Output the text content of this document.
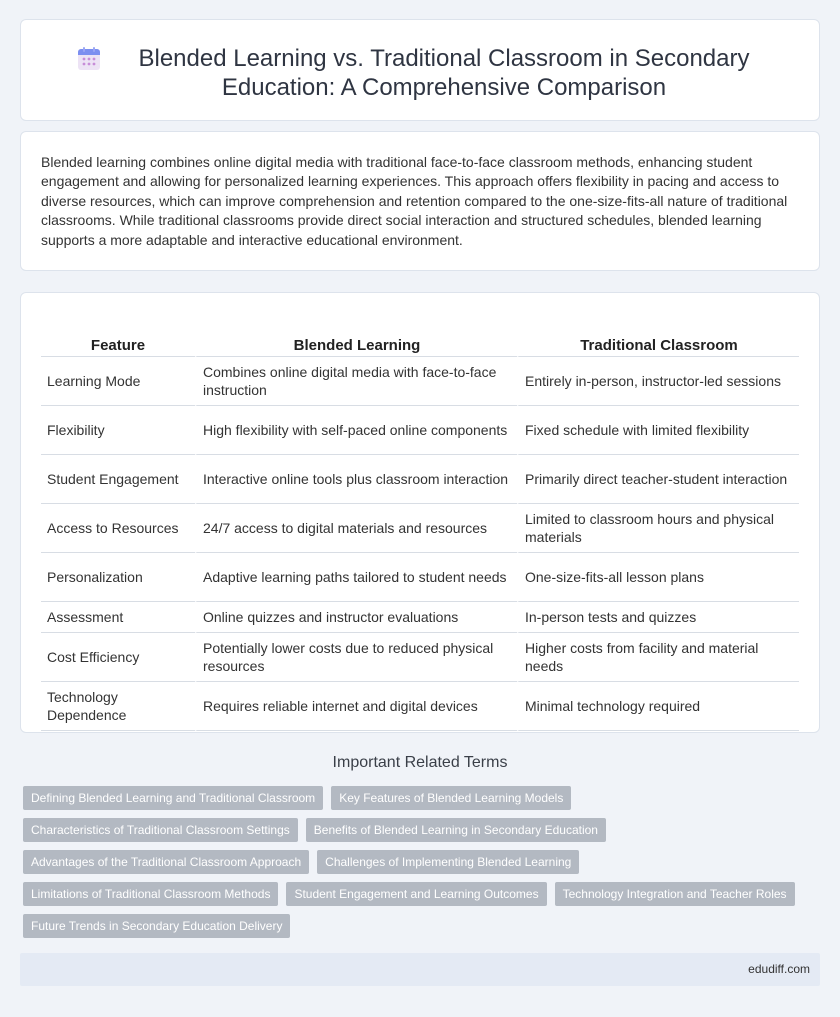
Blended Learning vs. Traditional Classroom in Secondary Education: A Comprehensive Comparison

Blended learning combines online digital media with traditional face-to-face classroom methods, enhancing student engagement and allowing for personalized learning experiences. This approach offers flexibility in pacing and access to diverse resources, which can improve comprehension and retention compared to the one-size-fits-all nature of traditional classrooms. While traditional classrooms provide direct social interaction and structured schedules, blended learning supports a more adaptable and interactive educational environment.

Feature	Blended Learning	Traditional Classroom
Learning Mode	Combines online digital media with face-to-face instruction	Entirely in-person, instructor-led sessions
Flexibility	High flexibility with self-paced online components	Fixed schedule with limited flexibility
Student Engagement	Interactive online tools plus classroom interaction	Primarily direct teacher-student interaction
Access to Resources	24/7 access to digital materials and resources	Limited to classroom hours and physical materials
Personalization	Adaptive learning paths tailored to student needs	One-size-fits-all lesson plans
Assessment	Online quizzes and instructor evaluations	In-person tests and quizzes
Cost Efficiency	Potentially lower costs due to reduced physical resources	Higher costs from facility and material needs
Technology Dependence	Requires reliable internet and digital devices	Minimal technology required
Important Related Terms
Defining Blended Learning and Traditional Classroom	Key Features of Blended Learning Models
Characteristics of Traditional Classroom Settings	Benefits of Blended Learning in Secondary Education
Advantages of the Traditional Classroom Approach	Challenges of Implementing Blended Learning
Limitations of Traditional Classroom Methods	Student Engagement and Learning Outcomes	Technology Integration and Teacher Roles
Future Trends in Secondary Education Delivery
edudiff.com
